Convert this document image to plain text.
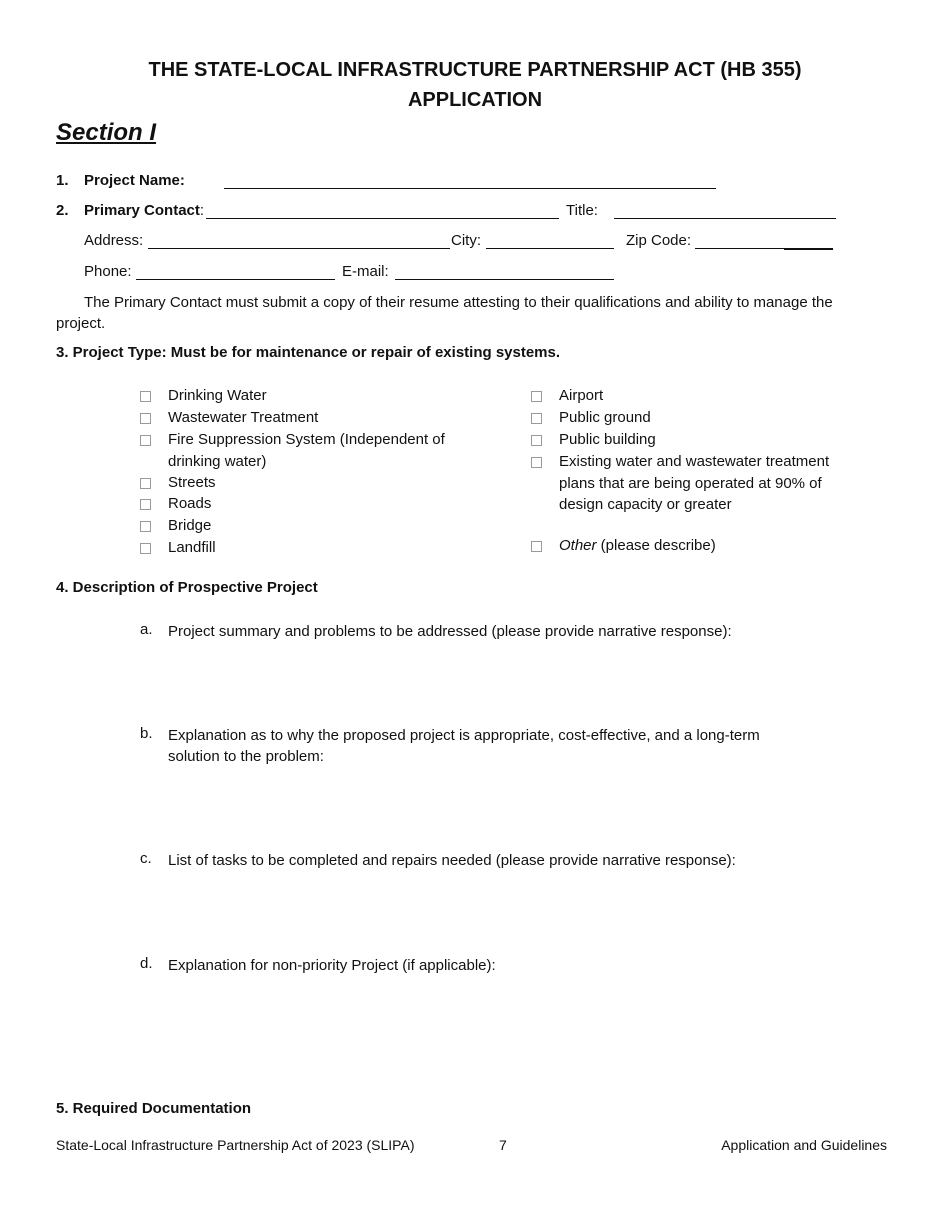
THE STATE-LOCAL INFRASTRUCTURE PARTNERSHIP ACT (HB 355)
APPLICATION
Section I
1. Project Name:
2. Primary Contact:	Title:
Address:	City:	Zip Code:
Phone:	E-mail:
The Primary Contact must submit a copy of their resume attesting to their qualifications and ability to manage the project.
3. Project Type: Must be for maintenance or repair of existing systems.
Drinking Water
Wastewater Treatment
Fire Suppression System (Independent of drinking water)
Streets
Roads
Bridge
Landfill
Airport
Public ground
Public building
Existing water and wastewater treatment plans that are being operated at 90% of design capacity or greater
Other (please describe)
4. Description of Prospective Project
a. Project summary and problems to be addressed (please provide narrative response):
b. Explanation as to why the proposed project is appropriate, cost-effective, and a long-term solution to the problem:
c. List of tasks to be completed and repairs needed (please provide narrative response):
d. Explanation for non-priority Project (if applicable):
5. Required Documentation
State-Local Infrastructure Partnership Act of 2023 (SLIPA)	7	Application and Guidelines
